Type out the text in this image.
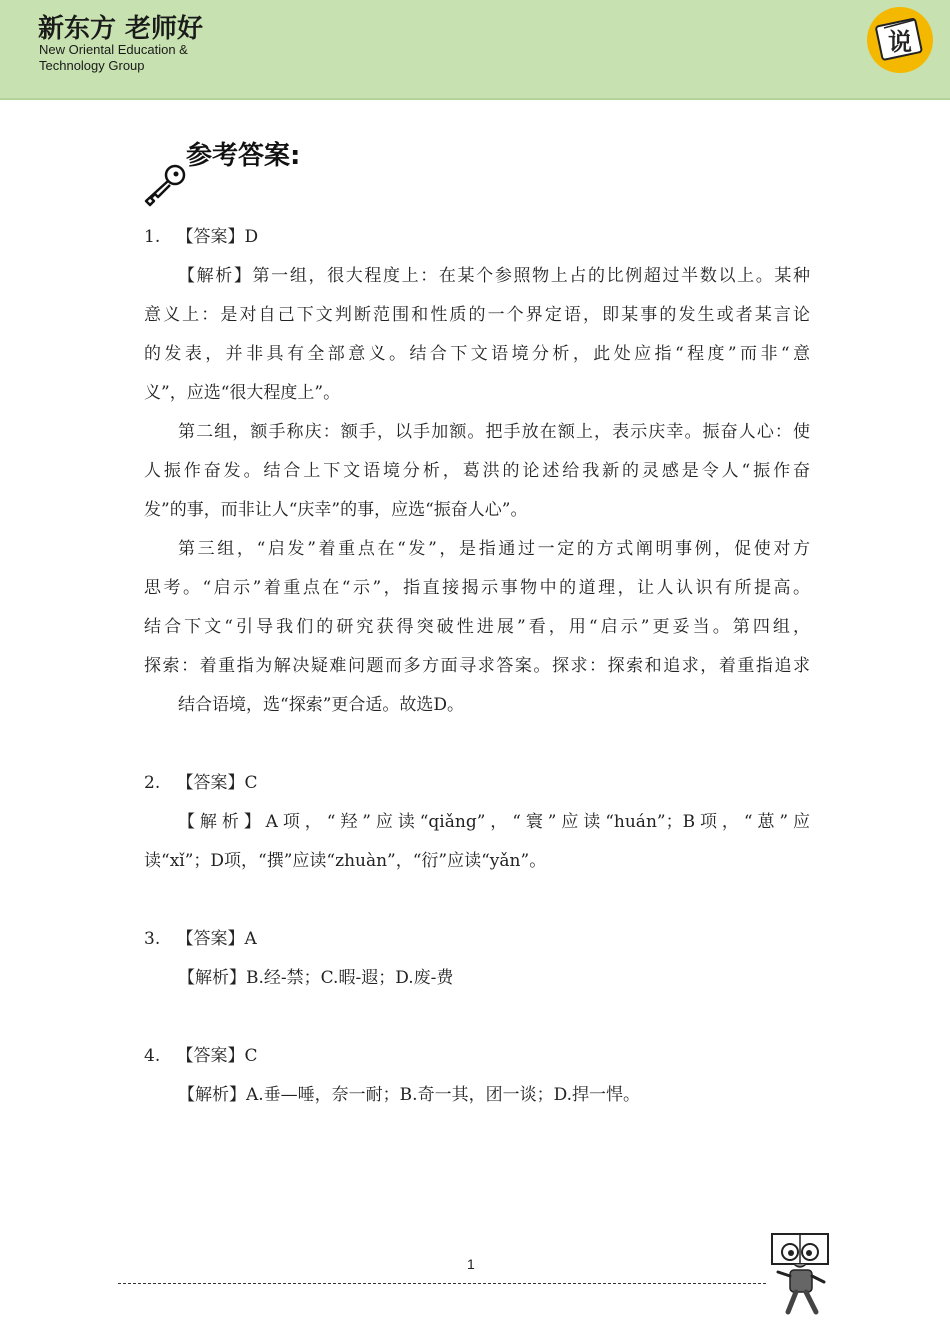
新东方 老师好
New Oriental Education &
Technology Group
说
参考答案:
1. 【答案】D
【解析】第一组，很大程度上：在某个参照物上占的比例超过半数以上。某种
意义上：是对自己下文判断范围和性质的一个界定语，即某事的发生或者某言论
的发表，并非具有全部意义。结合下文语境分析，此处应指“程度”而非“意
义”，应选“很大程度上”。
第二组，额手称庆：额手，以手加额。把手放在额上，表示庆幸。振奋人心：使
人振作奋发。结合上下文语境分析，葛洪的论述给我新的灵感是令人“振作奋
发”的事，而非让人“庆幸”的事，应选“振奋人心”。
第三组，“启发”着重点在“发”，是指通过一定的方式阐明事例，促使对方
思考。“启示”着重点在“示”，指直接揭示事物中的道理，让人认识有所提高。
结合下文“引导我们的研究获得突破性进展”看，用“启示”更妥当。第四组，
探索：着重指为解决疑难问题而多方面寻求答案。探求：探索和追求，着重指追求
结合语境，选“探索”更合适。故选D。
2. 【答案】C
【解析】A项，“羟”应读“qiǎng”，“寰”应读“huán”；B项，“葸”应
读“xǐ”；D项，“撰”应读“zhuàn”，“衍”应读“yǎn”。
3. 【答案】A
【解析】B.经-禁；C.暇-遐；D.废-费
4. 【答案】C
【解析】A.垂—唾，奈一耐；B.奇一其，团一谈；D.捍一悍。
1
